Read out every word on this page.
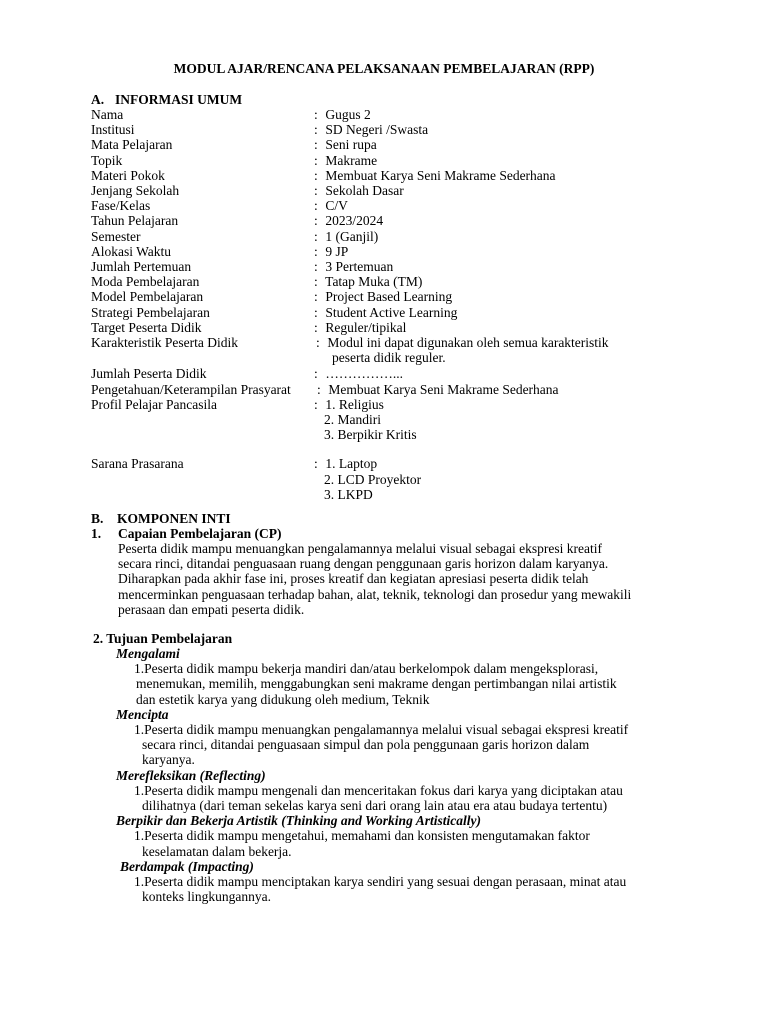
MODUL AJAR/RENCANA PELAKSANAAN PEMBELAJARAN (RPP)
A. INFORMASI UMUM
Nama	: Gugus 2
Institusi	: SD Negeri /Swasta
Mata Pelajaran	: Seni rupa
Topik	: Makrame
Materi Pokok	: Membuat Karya Seni Makrame Sederhana
Jenjang Sekolah	: Sekolah Dasar
Fase/Kelas	: C/V
Tahun Pelajaran	: 2023/2024
Semester	: 1 (Ganjil)
Alokasi Waktu	: 9 JP
Jumlah Pertemuan	: 3 Pertemuan
Moda Pembelajaran	: Tatap Muka (TM)
Model Pembelajaran	: Project Based Learning
Strategi Pembelajaran	: Student Active Learning
Target Peserta Didik	: Reguler/tipikal
Karakteristik Peserta Didik	: Modul ini dapat digunakan oleh semua karakteristik
peserta didik reguler.
Jumlah Peserta Didik	: ……………...
Pengetahuan/Keterampilan Prasyarat : Membuat Karya Seni Makrame Sederhana
Profil Pelajar Pancasila	: 1. Religius
2. Mandiri
3. Berpikir Kritis
Sarana Prasarana	: 1. Laptop
2. LCD Proyektor
3. LKPD
B. KOMPONEN INTI
1. Capaian Pembelajaran (CP)
Peserta didik mampu menuangkan pengalamannya melalui visual sebagai ekspresi kreatif
secara rinci, ditandai penguasaan ruang dengan penggunaan garis horizon dalam karyanya.
Diharapkan pada akhir fase ini, proses kreatif dan kegiatan apresiasi peserta didik telah
mencerminkan penguasaan terhadap bahan, alat, teknik, teknologi dan prosedur yang mewakili
perasaan dan empati peserta didik.
2. Tujuan Pembelajaran
Mengalami
1.Peserta didik mampu bekerja mandiri dan/atau berkelompok dalam mengeksplorasi,
menemukan, memilih, menggabungkan seni makrame dengan pertimbangan nilai artistik
dan estetik karya yang didukung oleh medium, Teknik
Mencipta
1.Peserta didik mampu menuangkan pengalamannya melalui visual sebagai ekspresi kreatif
secara rinci, ditandai penguasaan simpul dan pola penggunaan garis horizon dalam
karyanya.
Merefleksikan (Reflecting)
1.Peserta didik mampu mengenali dan menceritakan fokus dari karya yang diciptakan atau
dilihatnya (dari teman sekelas karya seni dari orang lain atau era atau budaya tertentu)
Berpikir dan Bekerja Artistik (Thinking and Working Artistically)
1.Peserta didik mampu mengetahui, memahami dan konsisten mengutamakan faktor
keselamatan dalam bekerja.
Berdampak (Impacting)
1.Peserta didik mampu menciptakan karya sendiri yang sesuai dengan perasaan, minat atau
konteks lingkungannya.
